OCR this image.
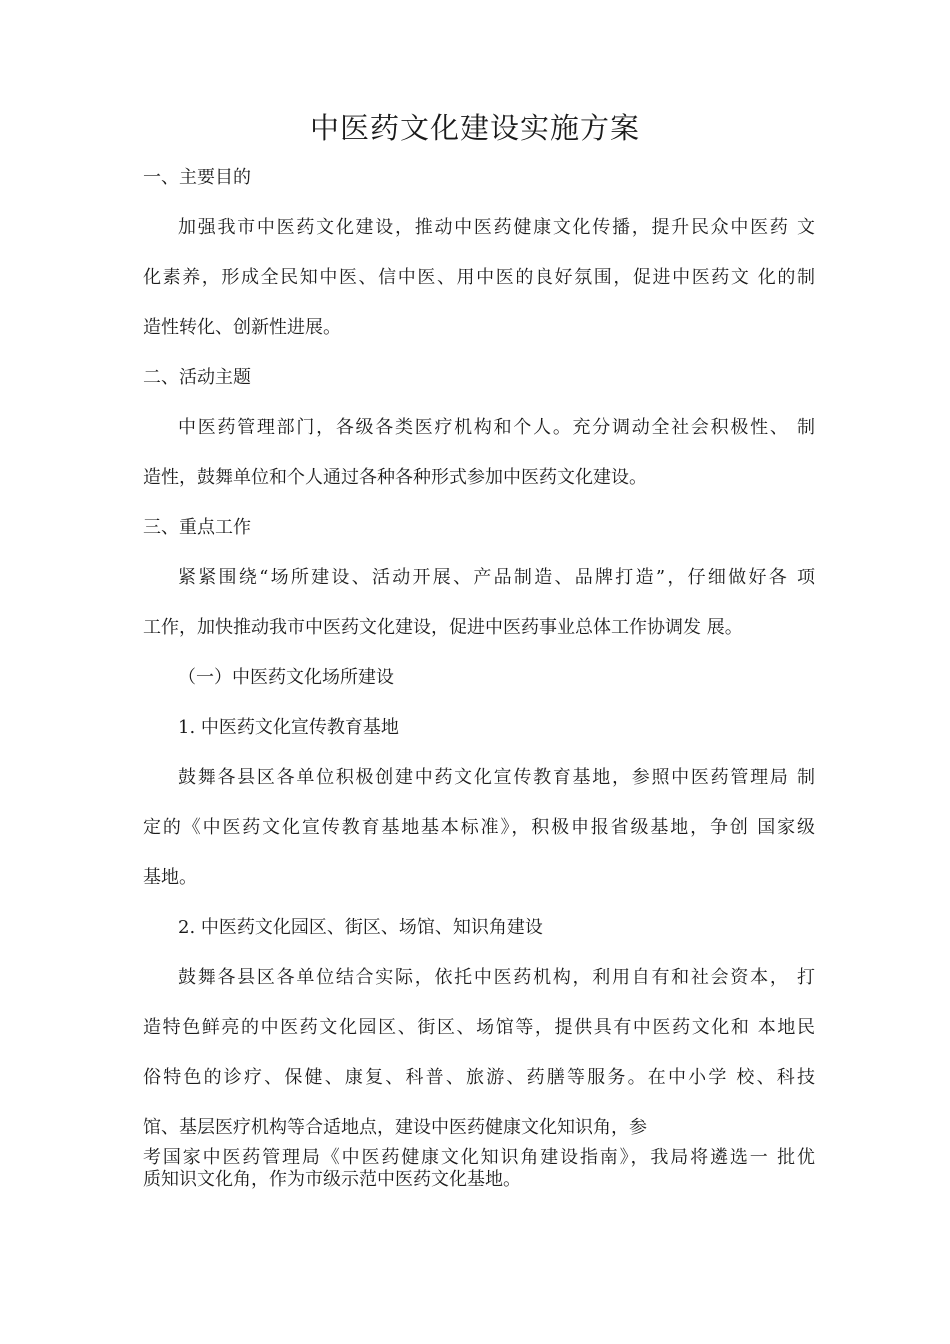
中医药文化建设实施方案
一、主要目的
加强我市中医药文化建设，推动中医药健康文化传播，提升民众中医药 文
化素养，形成全民知中医、信中医、用中医的良好氛围，促进中医药文 化的制
造性转化、创新性进展。
二、活动主题
中医药管理部门，各级各类医疗机构和个人。充分调动全社会积极性、 制
造性，鼓舞单位和个人通过各种各种形式参加中医药文化建设。
三、重点工作
紧紧围绕“场所建设、活动开展、产品制造、品牌打造”，仔细做好各 项
工作，加快推动我市中医药文化建设，促进中医药事业总体工作协调发 展。
（一）中医药文化场所建设
1. 中医药文化宣传教育基地
鼓舞各县区各单位积极创建中药文化宣传教育基地，参照中医药管理局 制
定的《中医药文化宣传教育基地基本标准》，积极申报省级基地，争创 国家级
基地。
2. 中医药文化园区、街区、场馆、知识角建设
鼓舞各县区各单位结合实际，依托中医药机构，利用自有和社会资本， 打
造特色鲜亮的中医药文化园区、街区、场馆等，提供具有中医药文化和 本地民
俗特色的诊疗、保健、康复、科普、旅游、药膳等服务。在中小学 校、科技
馆、基层医疗机构等合适地点，建设中医药健康文化知识角，参
考国家中医药管理局《中医药健康文化知识角建设指南》，我局将遴选一 批优
质知识文化角，作为市级示范中医药文化基地。
